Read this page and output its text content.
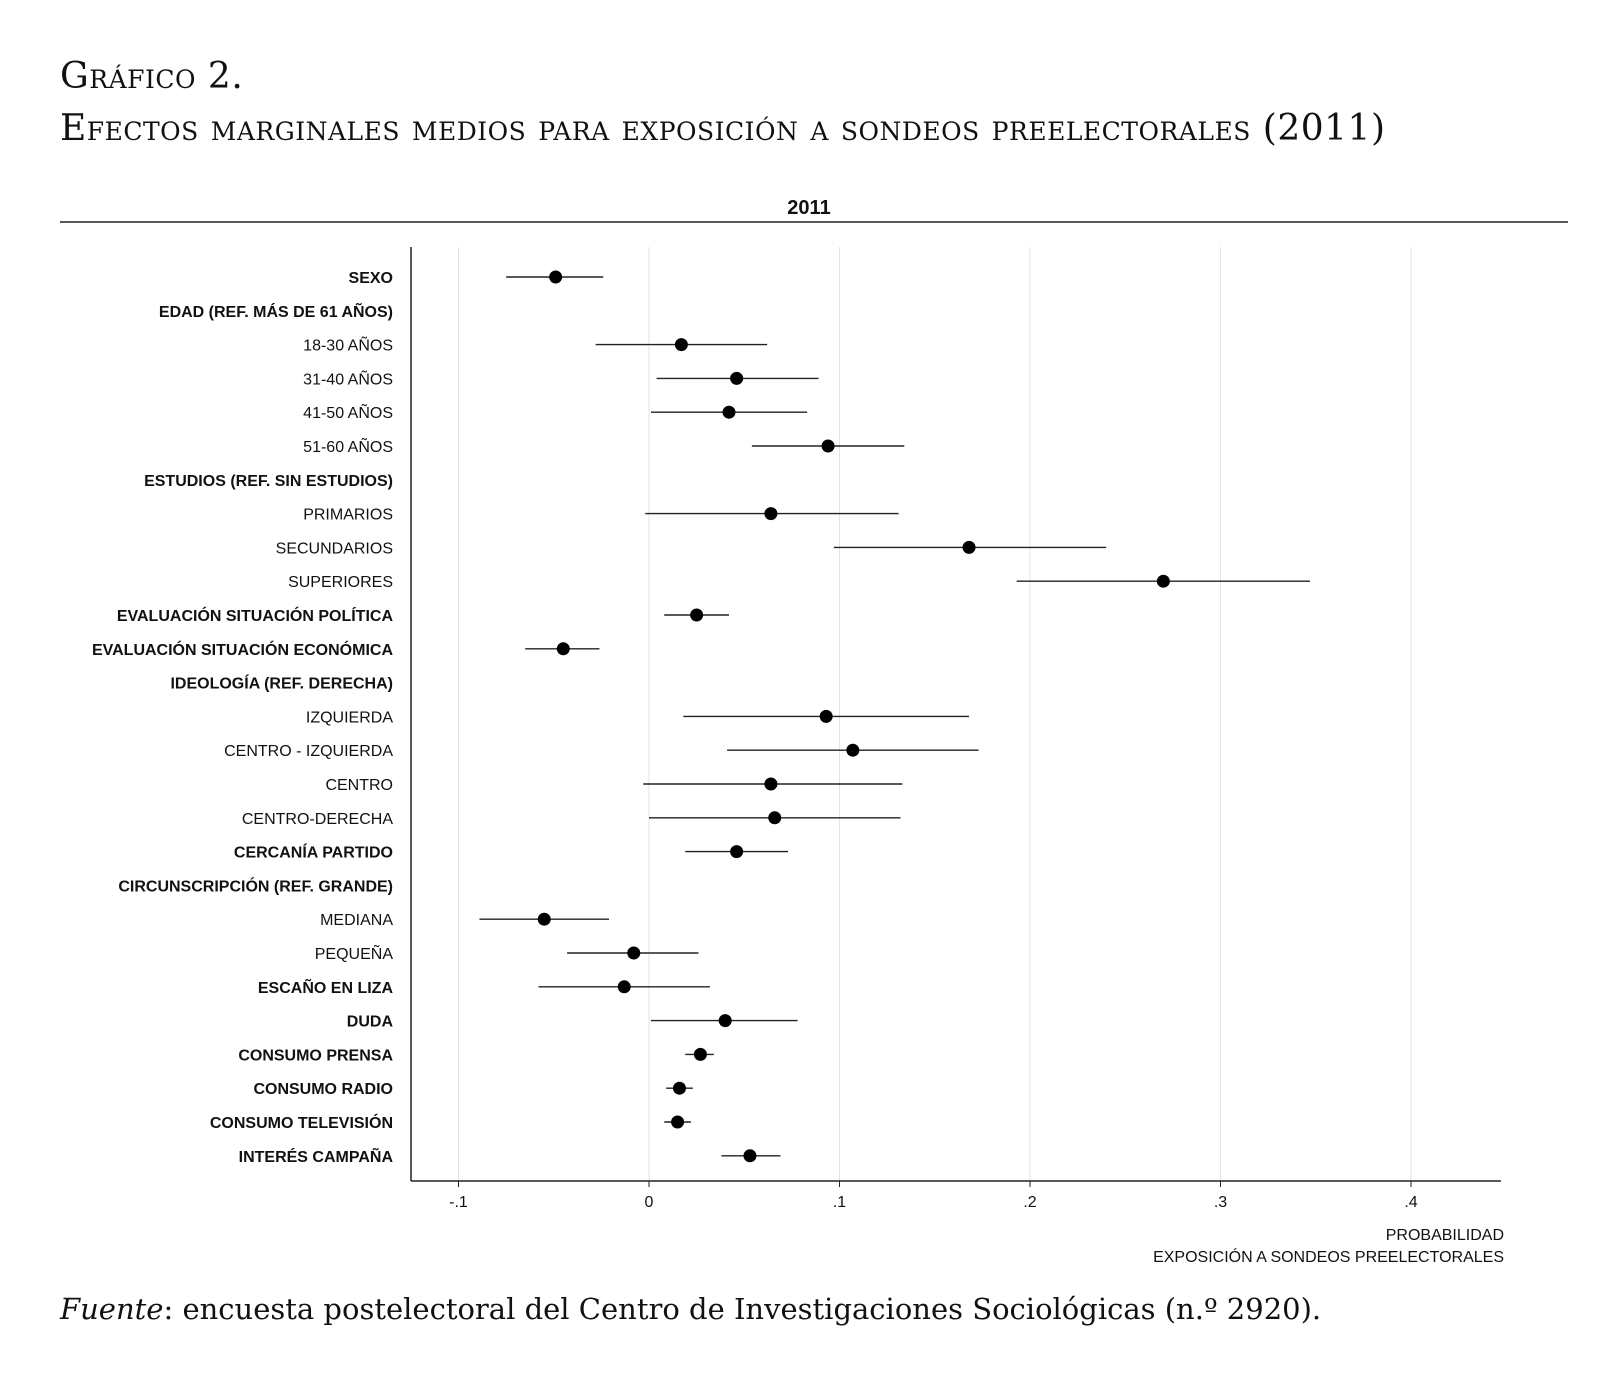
Gráfico 2.
Efectos marginales medios para exposición a sondeos preelectorales (2011)
2011
-.1	0	.1	.2	.3	.4
SEXO
EDAD (REF. MÁS DE 61 AÑOS)
18-30 AÑOS
31-40 AÑOS
41-50 AÑOS
51-60 AÑOS
ESTUDIOS (REF. SIN ESTUDIOS)
PRIMARIOS
SECUNDARIOS
SUPERIORES
EVALUACIÓN SITUACIÓN POLÍTICA
EVALUACIÓN SITUACIÓN ECONÓMICA
IDEOLOGÍA (REF. DERECHA)
IZQUIERDA
CENTRO - IZQUIERDA
CENTRO
CENTRO-DERECHA
CERCANÍA PARTIDO
CIRCUNSCRIPCIÓN (REF. GRANDE)
MEDIANA
PEQUEÑA
ESCAÑO EN LIZA
DUDA
CONSUMO PRENSA
CONSUMO RADIO
CONSUMO TELEVISIÓN
INTERÉS CAMPAÑA
PROBABILIDAD
EXPOSICIÓN A SONDEOS PREELECTORALES
Fuente: encuesta postelectoral del Centro de Investigaciones Sociológicas (n.º 2920).
